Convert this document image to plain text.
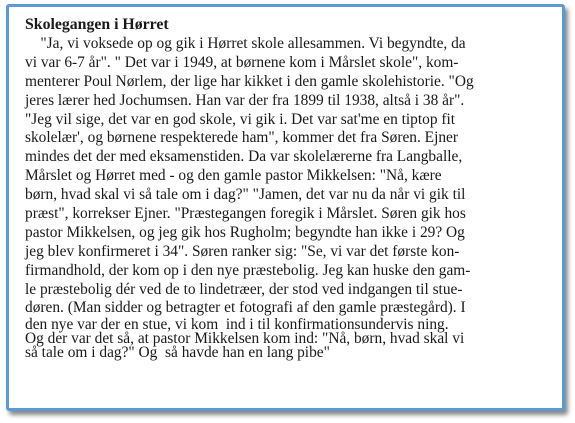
Skolegangen i Hørret
"Ja, vi voksede op og gik i Hørret skole allesammen. Vi begyndte, da
vi var 6-7 år". " Det var i 1949, at børnene kom i Mårslet skole", kom-
menterer Poul Nørlem, der lige har kikket i den gamle skolehistorie. "Og
jeres lærer hed Jochumsen. Han var der fra 1899 til 1938, altså i 38 år".
"Jeg vil sige, det var en god skole, vi gik i. Det var sat'me en tiptop fit
skolelær', og børnene respekterede ham", kommer det fra Søren. Ejner
mindes det der med eksamenstiden. Da var skolelærerne fra Langballe,
Mårslet og Hørret med - og den gamle pastor Mikkelsen: "Nå, kære
børn, hvad skal vi så tale om i dag?" "Jamen, det var nu da når vi gik til
præst", korrekser Ejner. "Præstegangen foregik i Mårslet. Søren gik hos
pastor Mikkelsen, og jeg gik hos Rugholm; begyndte han ikke i 29? Og
jeg blev konfirmeret i 34". Søren ranker sig: "Se, vi var det første kon-
firmandhold, der kom op i den nye præstebolig. Jeg kan huske den gam-
le præstebolig dér ved de to lindetræer, der stod ved indgangen til stue-
døren. (Man sidder og betragter et fotografi af den gamle præstegård). I
den nye var der en stue, vi kom  ind i til konfirmationsundervis ning.
Og der var det så, at pastor Mikkelsen kom ind: "Nå, børn, hvad skal vi
så tale om i dag?" Og  så havde han en lang pibe"
